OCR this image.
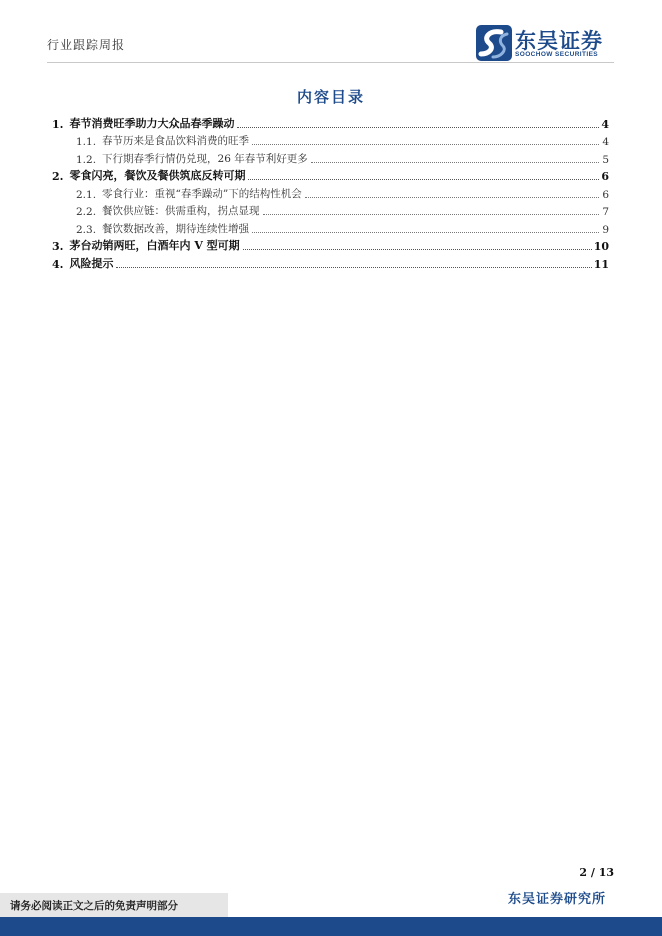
行业跟踪周报	东吴证券
SOOCHOW SECURITIES
内容目录
1. 春节消费旺季助力大众品春季躁动	4
1.1. 春节历来是食品饮料消费的旺季	4
1.2. 下行期春季行情仍兑现，26 年春节利好更多	5
2. 零食闪亮，餐饮及餐供筑底反转可期	6
2.1. 零食行业：重视“春季躁动”下的结构性机会	6
2.2. 餐饮供应链：供需重构，拐点显现	7
2.3. 餐饮数据改善，期待连续性增强	9
3. 茅台动销两旺，白酒年内 V 型可期	10
4. 风险提示	11
2 / 13
请务必阅读正文之后的免责声明部分	东吴证券研究所
